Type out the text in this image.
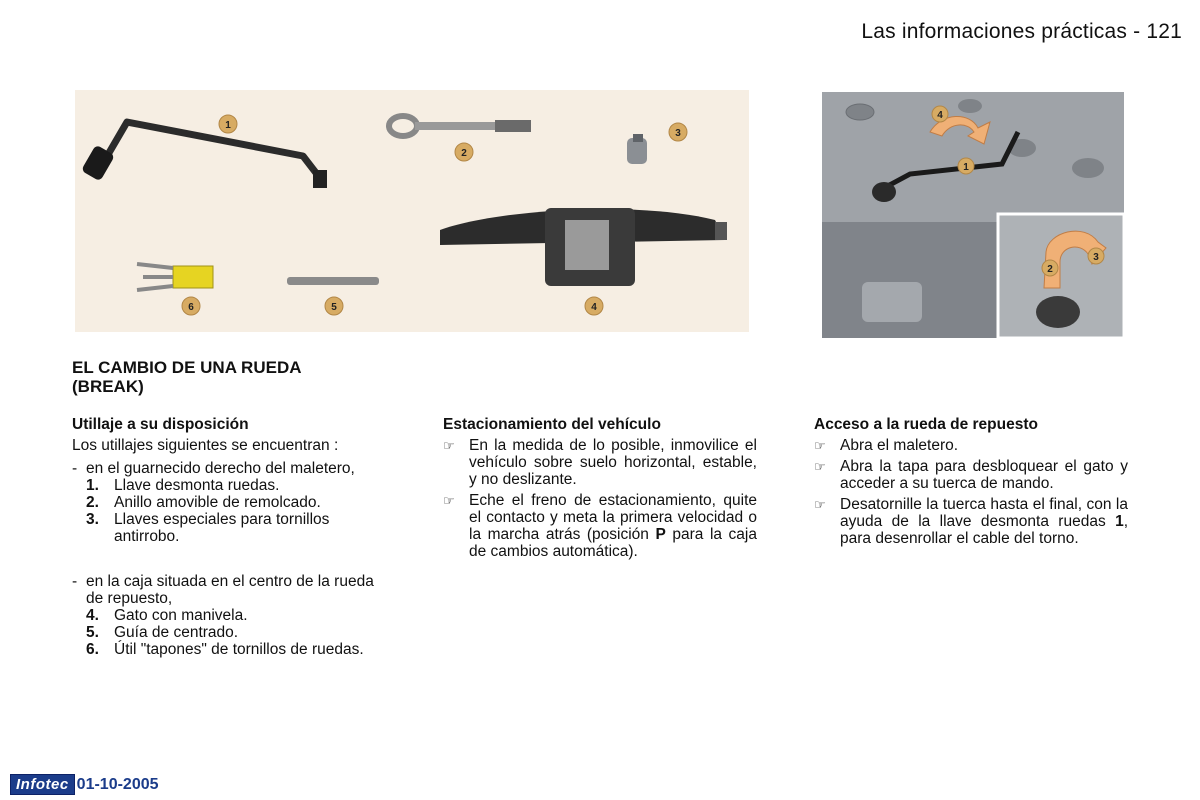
Las informaciones prácticas - 121
1
2
3
4
5
6
1
4
3
2
EL CAMBIO DE UNA RUEDA
(BREAK)
Utillaje a su disposición

Los utillajes siguientes se encuentran :

- en el guarnecido derecho del maletero,
1. Llave desmonta ruedas.
2. Anillo amovible de remolcado.
3. Llaves especiales para tornillos antirrobo.
- en la caja situada en el centro de la rueda de repuesto,
4. Gato con manivela.
5. Guía de centrado.
6. Útil "tapones" de tornillos de ruedas.
Estacionamiento del vehículo
☞ En la medida de lo posible, inmovilice el vehículo sobre suelo horizontal, estable, y no deslizante.
☞ Eche el freno de estacionamiento, quite el contacto y meta la primera velocidad o la marcha atrás (posición P para la caja de cambios automática).
Acceso a la rueda de repuesto
☞ Abra el maletero.
☞ Abra la tapa para desbloquear el gato y acceder a su tuerca de mando.
☞ Desatornille la tuerca hasta el final, con la ayuda de la llave desmonta ruedas 1, para desenrollar el cable del torno.
Infotec 01-10-2005
